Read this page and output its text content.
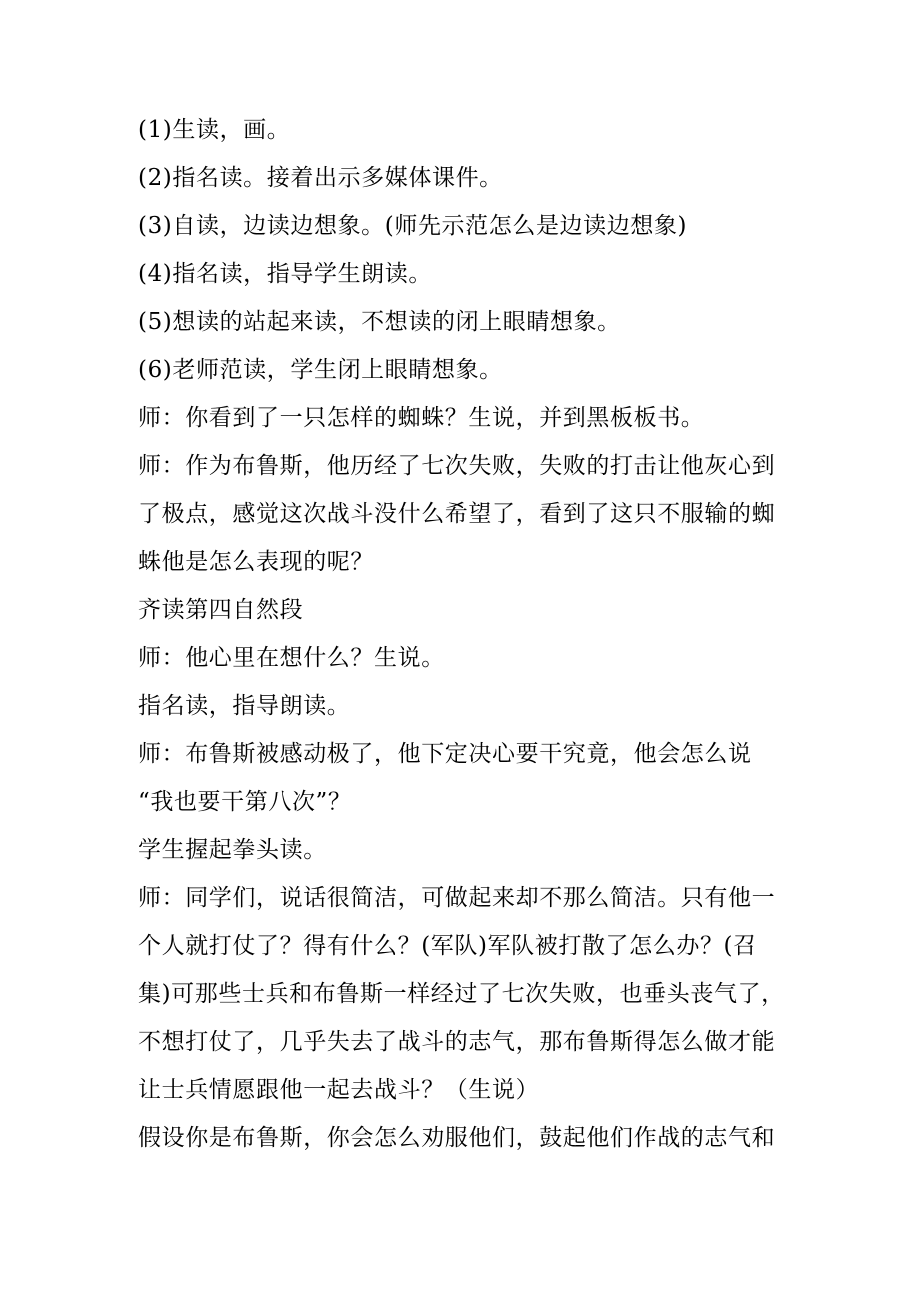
(1)生读，画。
(2)指名读。接着出示多媒体课件。
(3)自读，边读边想象。(师先示范怎么是边读边想象)
(4)指名读，指导学生朗读。
(5)想读的站起来读，不想读的闭上眼睛想象。
(6)老师范读，学生闭上眼睛想象。
师：你看到了一只怎样的蜘蛛？生说，并到黑板板书。
师：作为布鲁斯，他历经了七次失败，失败的打击让他灰心到
了极点，感觉这次战斗没什么希望了，看到了这只不服输的蜘
蛛他是怎么表现的呢？
齐读第四自然段
师：他心里在想什么？生说。
指名读，指导朗读。
师：布鲁斯被感动极了，他下定决心要干究竟，他会怎么说
“我也要干第八次”？
学生握起拳头读。
师：同学们，说话很简洁，可做起来却不那么简洁。只有他一
个人就打仗了？得有什么？(军队)军队被打散了怎么办？(召
集)可那些士兵和布鲁斯一样经过了七次失败，也垂头丧气了，
不想打仗了，几乎失去了战斗的志气，那布鲁斯得怎么做才能
让士兵情愿跟他一起去战斗？（生说）
假设你是布鲁斯，你会怎么劝服他们，鼓起他们作战的志气和
